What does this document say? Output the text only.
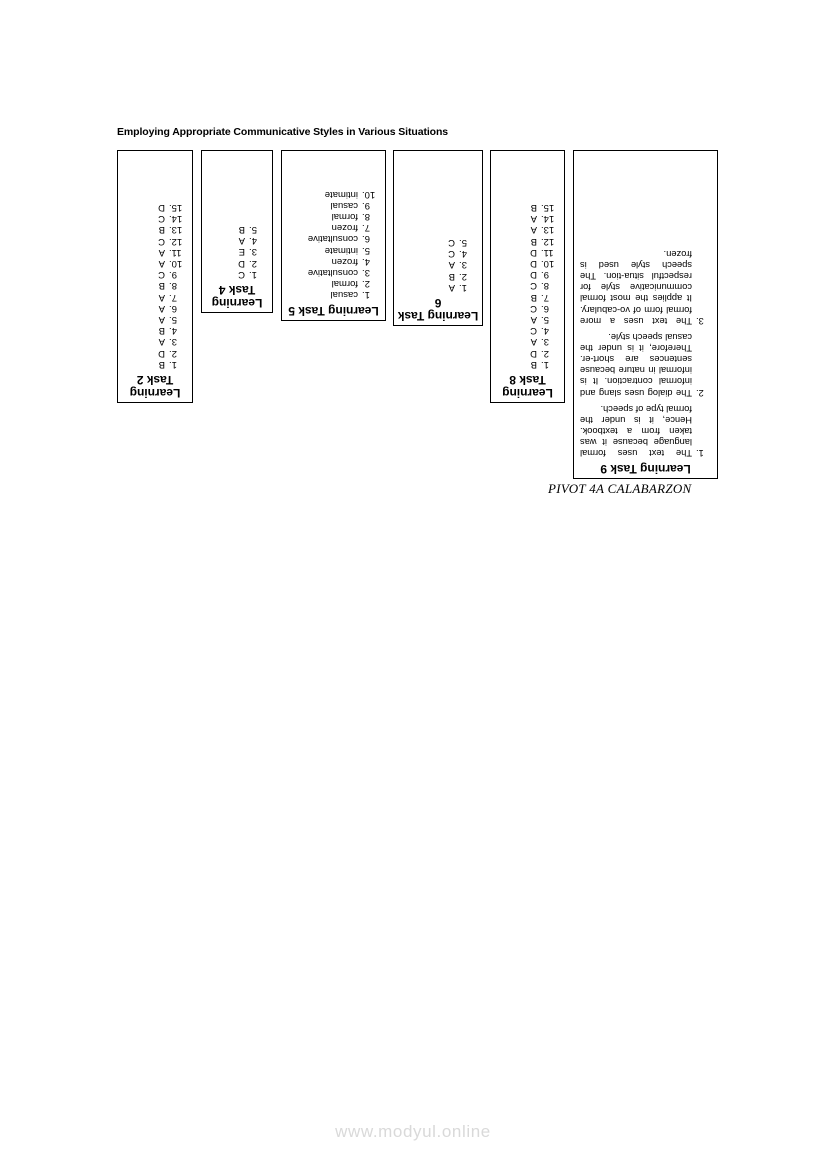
Employing Appropriate Communicative Styles in Various Situations
Learning Task 2
1.
B
2.
D
3.
A
4.
B
5.
A
6.
A
7.
A
8.
B
9.
C
10.
A
11.
A
12.
C
13.
B
14.
C
15.
D
Learning Task 4
1.
C
2.
D
3.
E
4.
A
5.
B
Learning Task 5
1.
casual
2.
formal
3.
consultative
4.
frozen
5.
intimate
6.
consultative
7.
frozen
8.
formal
9.
casual
10.
intimate
Learning Task 6
1.
A
2.
B
3.
A
4.
C
5.
C
Learning Task 8
1.
B
2.
D
3.
A
4.
C
5.
A
6.
C
7.
B
8.
C
9.
D
10.
D
11.
D
12.
B
13.
A
14.
A
15.
B
Learning Task 9
1.
The text uses formal language because it was taken from a textbook. Hence, it is under the formal type of speech.
2.
The dialog uses slang and informal contraction. It is informal in nature because sentences are short-er. Therefore, it is under the casual speech style.
3.
The text uses a more formal form of vo-cabulary. It applies the most formal communicative style for respectful situa-tion. The speech style used is frozen.
PIVOT 4A CALABARZON
www.modyul.online
